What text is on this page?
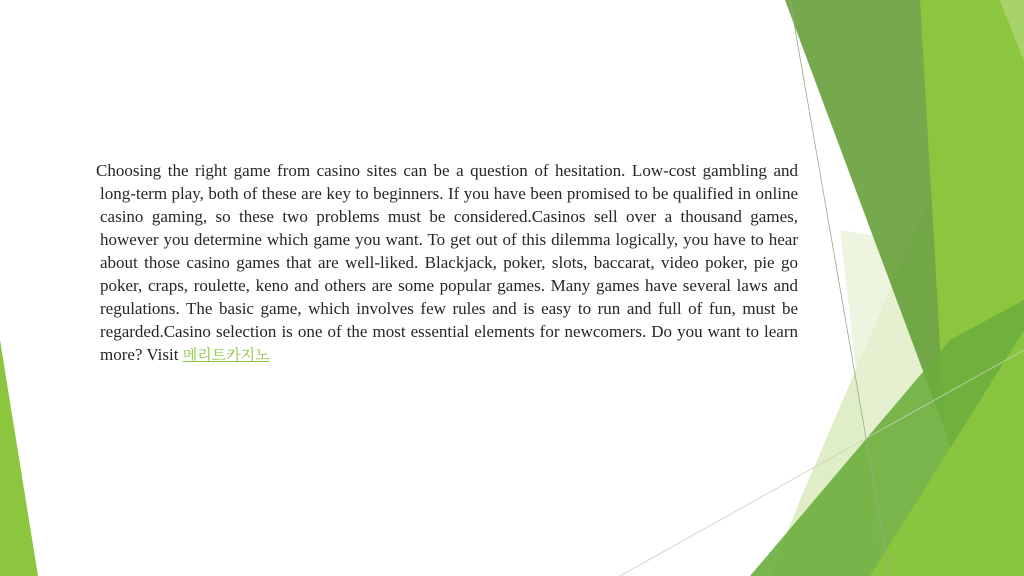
Choosing the right game from casino sites can be a question of hesitation. Low-cost gambling and long-term play, both of these are key to beginners. If you have been promised to be qualified in online casino gaming, so these two problems must be considered.Casinos sell over a thousand games, however you determine which game you want. To get out of this dilemma logically, you have to hear about those casino games that are well-liked. Blackjack, poker, slots, baccarat, video poker, pie go poker, craps, roulette, keno and others are some popular games. Many games have several laws and regulations. The basic game, which involves few rules and is easy to run and full of fun, must be regarded.Casino selection is one of the most essential elements for newcomers. Do you want to learn more? Visit 메리트카지노
